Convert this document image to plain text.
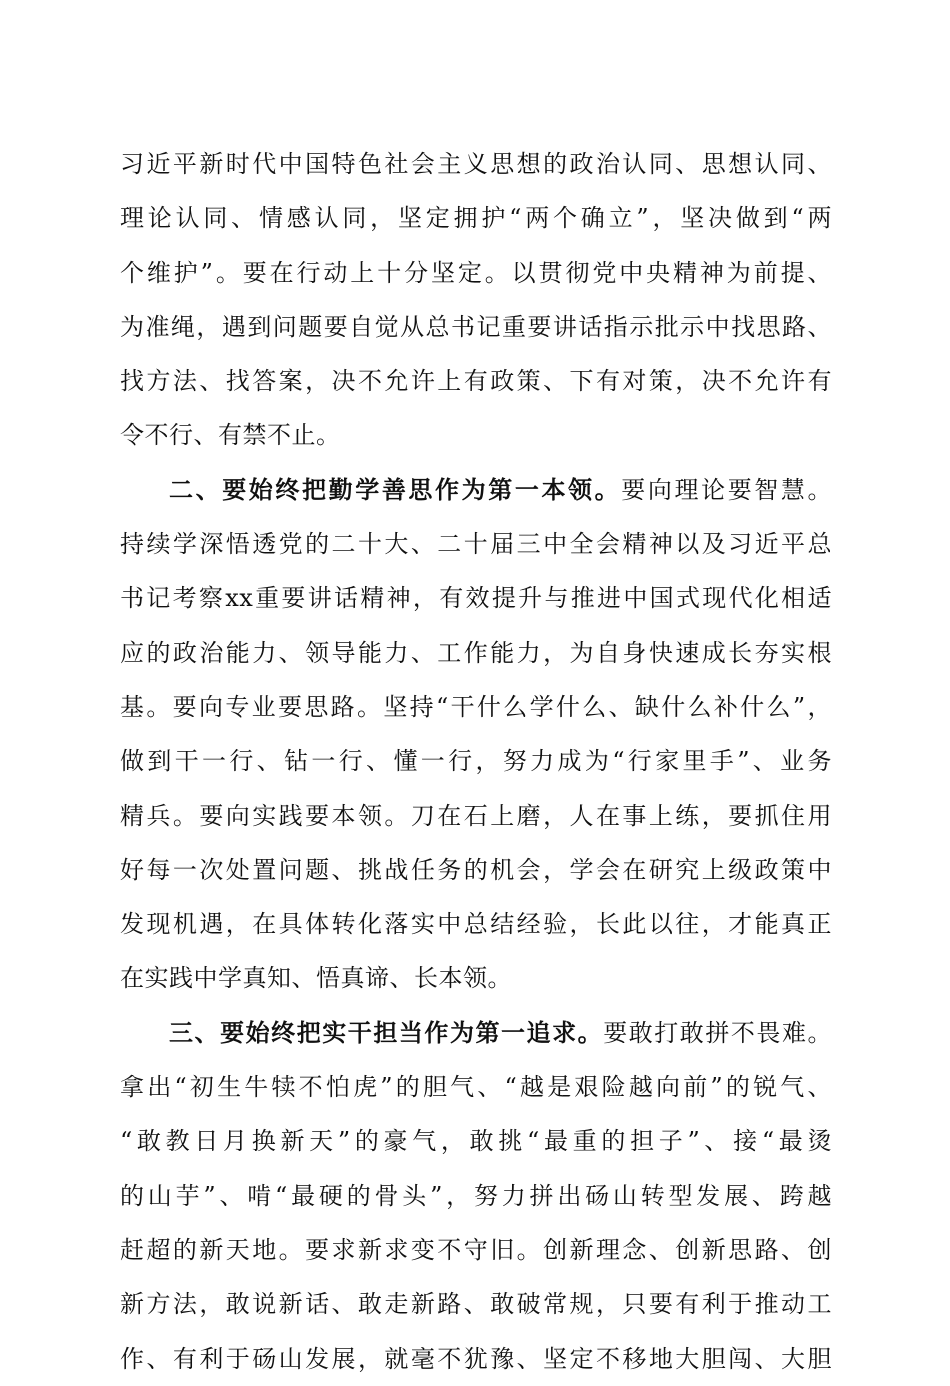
习近平新时代中国特色社会主义思想的政治认同、思想认同、
理论认同、情感认同，坚定拥护“两个确立”，坚决做到“两
个维护”。要在行动上十分坚定。以贯彻党中央精神为前提、
为准绳，遇到问题要自觉从总书记重要讲话指示批示中找思路、
找方法、找答案，决不允许上有政策、下有对策，决不允许有
令不行、有禁不止。
二、要始终把勤学善思作为第一本领。要向理论要智慧。
持续学深悟透党的二十大、二十届三中全会精神以及习近平总
书记考察xx重要讲话精神，有效提升与推进中国式现代化相适
应的政治能力、领导能力、工作能力，为自身快速成长夯实根
基。要向专业要思路。坚持“干什么学什么、缺什么补什么”，
做到干一行、钻一行、懂一行，努力成为“行家里手”、业务
精兵。要向实践要本领。刀在石上磨，人在事上练，要抓住用
好每一次处置问题、挑战任务的机会，学会在研究上级政策中
发现机遇，在具体转化落实中总结经验，长此以往，才能真正
在实践中学真知、悟真谛、长本领。
三、要始终把实干担当作为第一追求。要敢打敢拼不畏难。
拿出“初生牛犊不怕虎”的胆气、“越是艰险越向前”的锐气、
“敢教日月换新天”的豪气，敢挑“最重的担子”、接“最烫
的山芋”、啃“最硬的骨头”，努力拼出砀山转型发展、跨越
赶超的新天地。要求新求变不守旧。创新理念、创新思路、创
新方法，敢说新话、敢走新路、敢破常规，只要有利于推动工
作、有利于砀山发展，就毫不犹豫、坚定不移地大胆闯、大胆
